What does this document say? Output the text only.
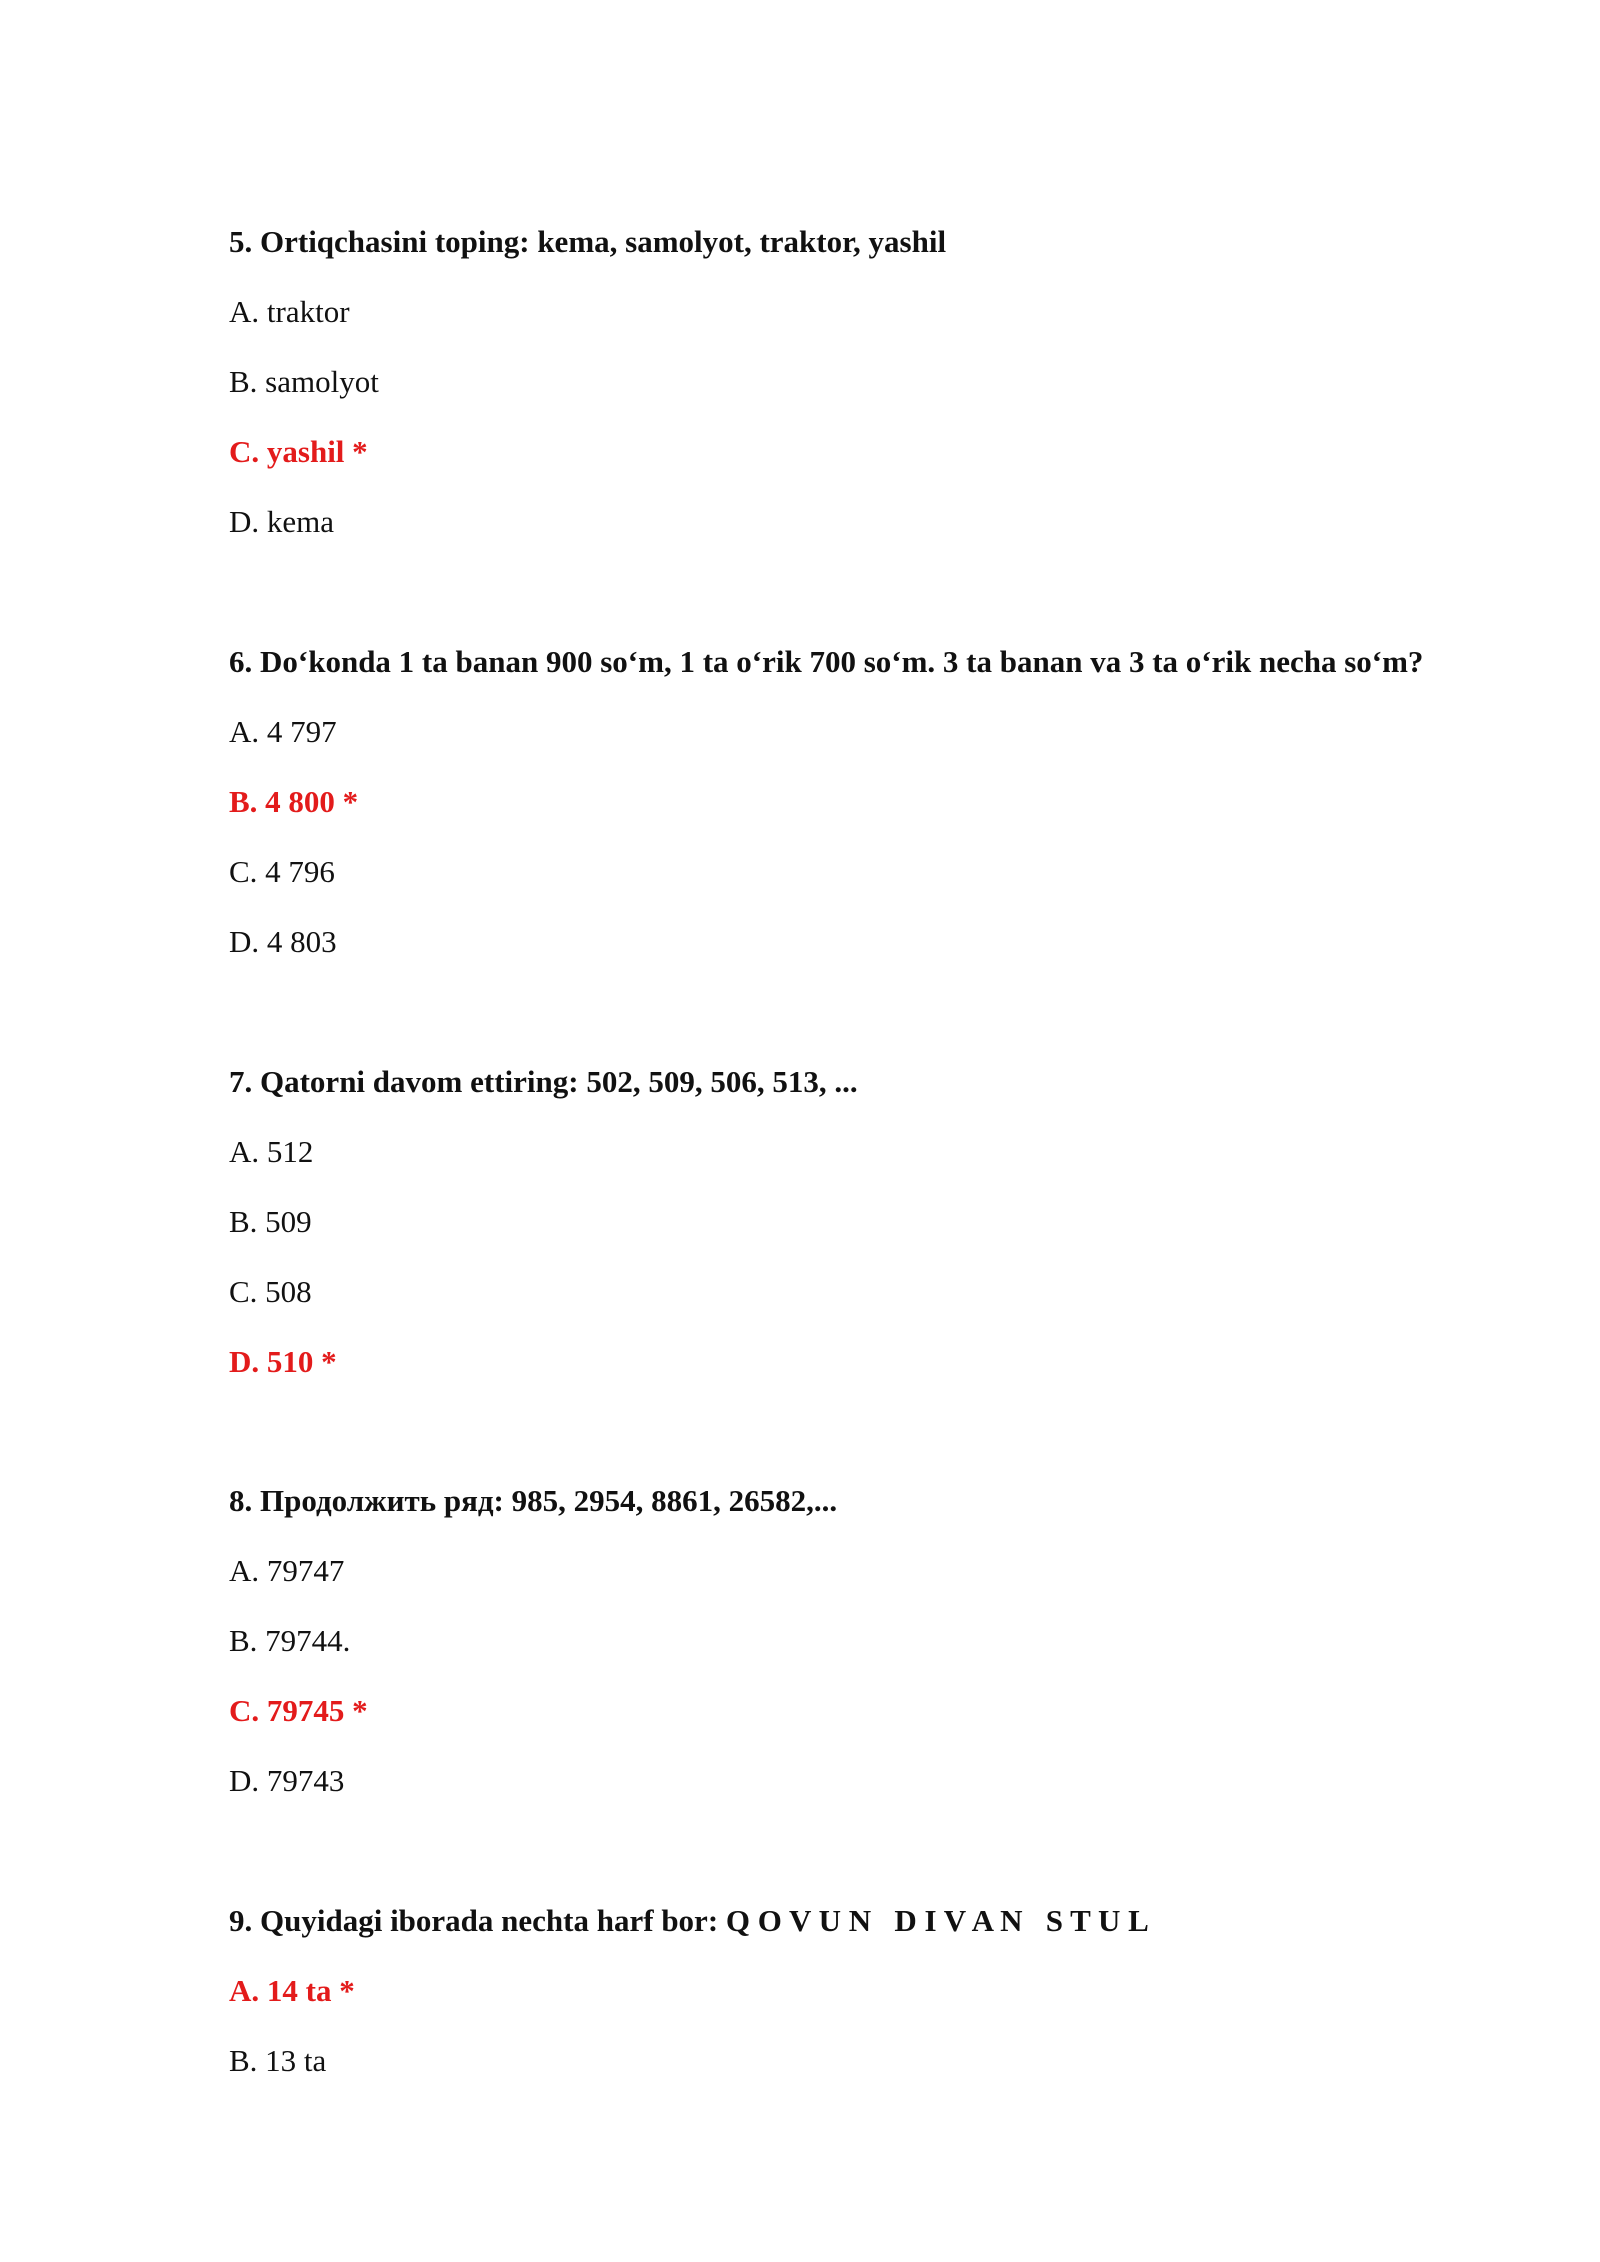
5. Ortiqchasini toping: kema, samolyot, traktor, yashil
A. traktor
B. samolyot
C. yashil *
D. kema
6. Do‘konda 1 ta banan 900 so‘m, 1 ta o‘rik 700 so‘m. 3 ta banan va 3 ta o‘rik necha so‘m?
A. 4 797
B. 4 800 *
C. 4 796
D. 4 803
7. Qatorni davom ettiring: 502, 509, 506, 513, ...
A. 512
B. 509
C. 508
D. 510 *
8. Продолжить ряд: 985, 2954, 8861, 26582,...
A. 79747
B. 79744.
C. 79745 *
D. 79743
9. Quyidagi iborada nechta harf bor: Q O V U N   D I V A N   S T U L
A. 14 ta *
B. 13 ta
